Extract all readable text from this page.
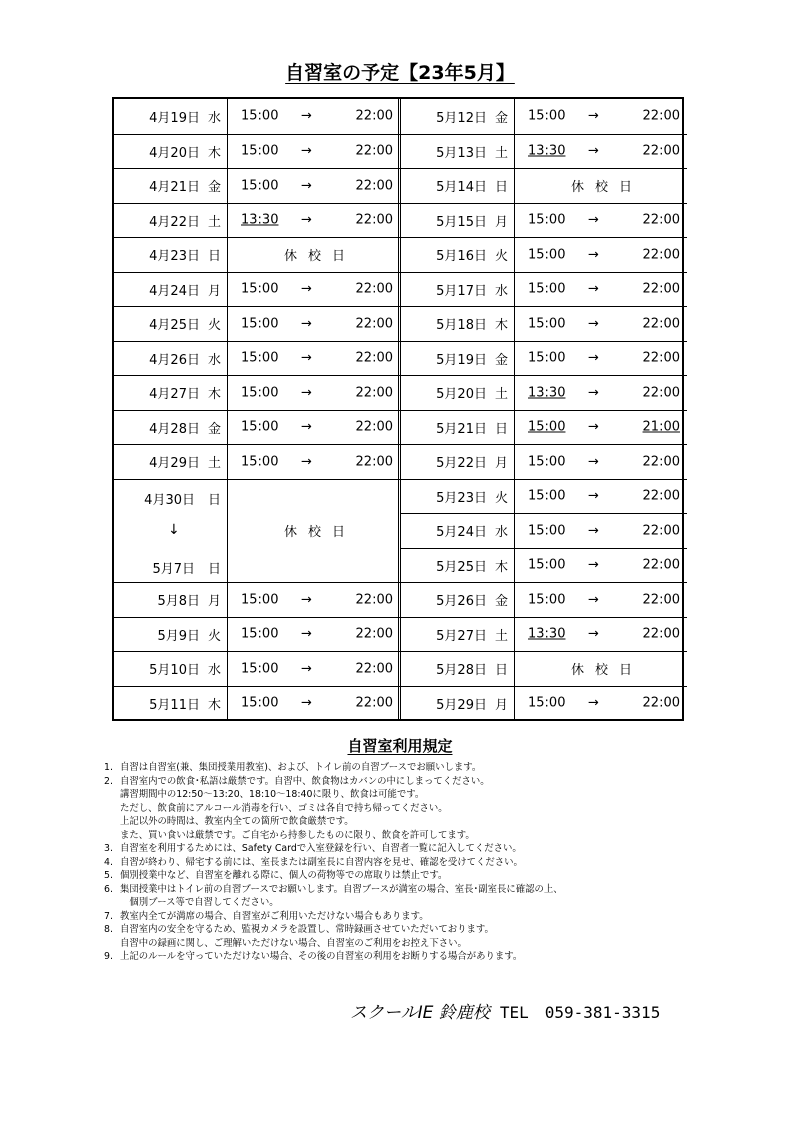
自習室の予定【23年5月】
4月19日 水 15:00 →	22:00
4月20日 木 15:00 →	22:00
4月21日 金 15:00 →	22:00
4月22日 土 13:30 →	22:00
4月23日 日	休校日
4月24日 月 15:00 →	22:00
4月25日 火 15:00 →	22:00
4月26日 水 15:00 →	22:00
4月27日 木 15:00 →	22:00
4月28日 金 15:00 →	22:00
4月29日 土 15:00 →	22:00
4月30日　日
↓
5月7日　日
休校日
5月8日 月 15:00 →	22:00
5月9日 火 15:00 →	22:00
5月10日 水 15:00 →	22:00
5月11日 木 15:00 →	22:00
5月12日 金 15:00 →	22:00
5月13日 土 13:30 →	22:00
5月14日 日	休校日
5月15日 月 15:00 →	22:00
5月16日 火 15:00 →	22:00
5月17日 水 15:00 →	22:00
5月18日 木 15:00 →	22:00
5月19日 金 15:00 →	22:00
5月20日 土 13:30 →	22:00
5月21日 日 15:00 →	21:00
5月22日 月 15:00 →	22:00
5月23日 火 15:00 →	22:00
5月24日 水 15:00 →	22:00
5月25日 木 15:00 →	22:00
5月26日 金 15:00 →	22:00
5月27日 土 13:30 →	22:00
5月28日 日	休校日
5月29日 月 15:00 →	22:00
自習室利用規定
1. 自習は自習室(兼、集団授業用教室)、および、トイレ前の自習ブースでお願いします。
2. 自習室内での飲食･私語は厳禁です。自習中、飲食物はカバンの中にしまってください。
講習期間中の12:50～13:20、18:10～18:40に限り、飲食は可能です。
ただし、飲食前にアルコール消毒を行い、ゴミは各自で持ち帰ってください。
上記以外の時間は、教室内全ての箇所で飲食厳禁です。
また、買い食いは厳禁です。ご自宅から持参したものに限り、飲食を許可してます。
3. 自習室を利用するためには、Safety Cardで入室登録を行い、自習者一覧に記入してください。
4. 自習が終わり、帰宅する前には、室長または副室長に自習内容を見せ、確認を受けてください。
5. 個別授業中など、自習室を離れる際に、個人の荷物等での席取りは禁止です。
6. 集団授業中はトイレ前の自習ブースでお願いします。自習ブースが満室の場合、室長･副室長に確認の上、
　個別ブース等で自習してください。
7. 教室内全てが満席の場合、自習室がご利用いただけない場合もあります。
8. 自習室内の安全を守るため、監視カメラを設置し、常時録画させていただいております。
自習中の録画に関し、ご理解いただけない場合、自習室のご利用をお控え下さい。
9. 上記のルールを守っていただけない場合、その後の自習室の利用をお断りする場合があります。
スクールIE 鈴鹿校 TEL　059-381-3315
